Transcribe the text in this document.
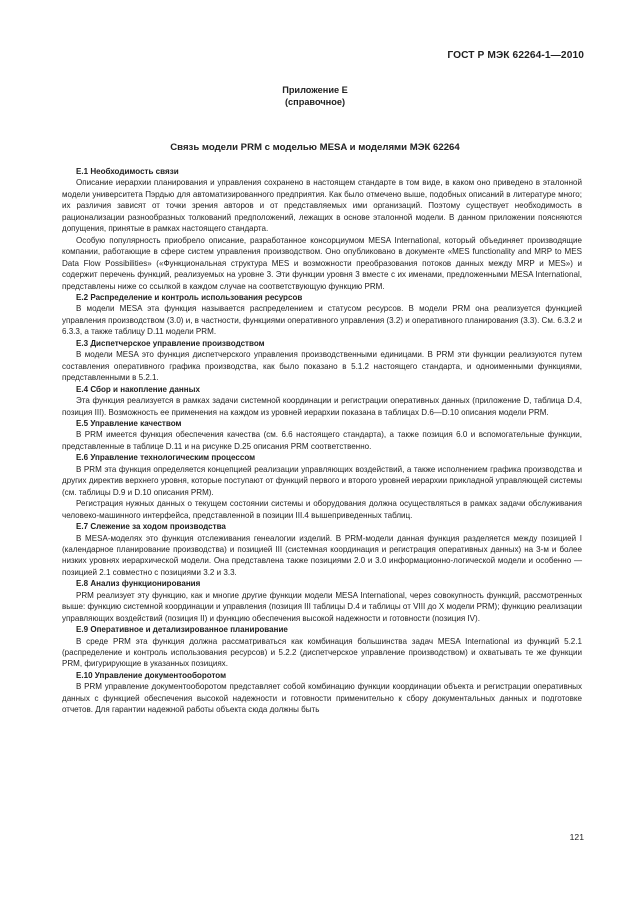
ГОСТ Р МЭК 62264-1—2010
Приложение Е
(справочное)
Связь модели PRM с моделью MESA и моделями МЭК 62264
Е.1 Необходимость связи

Описание иерархии планирования и управления сохранено в настоящем стандарте в том виде, в каком оно приведено в эталонной модели университета Пэрдью для автоматизированного предприятия. Как было отмечено выше, подобных описаний в литературе много; их различия зависят от точки зрения авторов и от представляемых ими организаций. Поэтому существует необходимость в рационализации разнообразных толкований предположений, лежащих в основе эталонной модели. В данном приложении поясняются допущения, принятые в рамках настоящего стандарта.

Особую популярность приобрело описание, разработанное консорциумом MESA International, который объединяет производящие компании, работающие в сфере систем управления производством. Оно опубликовано в документе «MES functionality and MRP to MES Data Flow Possibilities» («Функциональная структура MES и возможности преобразования потоков данных между MRP и MES») и содержит перечень функций, реализуемых на уровне 3. Эти функции уровня 3 вместе с их именами, предложенными MESA International, представлены ниже со ссылкой в каждом случае на соответствующую функцию PRM.

Е.2 Распределение и контроль использования ресурсов

В модели MESA эта функция называется распределением и статусом ресурсов. В модели PRM она реализуется функцией управления производством (3.0) и, в частности, функциями оперативного управления (3.2) и оперативного планирования (3.3). См. 6.3.2 и 6.3.3, а также таблицу D.11 модели PRM.

Е.3 Диспетчерское управление производством

В модели MESA это функция диспетчерского управления производственными единицами. В PRM эти функции реализуются путем составления оперативного графика производства, как было показано в 5.1.2 настоящего стандарта, и одноименными функциями, представленными в 5.2.1.

Е.4 Сбор и накопление данных

Эта функция реализуется в рамках задачи системной координации и регистрации оперативных данных (приложение D, таблица D.4, позиция III). Возможность ее применения на каждом из уровней иерархии показана в таблицах D.6—D.10 описания модели PRM.

Е.5 Управление качеством

В PRM имеется функция обеспечения качества (см. 6.6 настоящего стандарта), а также позиция 6.0 и вспомогательные функции, представленные в таблице D.11 и на рисунке D.25 описания PRM соответственно.

Е.6 Управление технологическим процессом

В PRM эта функция определяется концепцией реализации управляющих воздействий, а также исполнением графика производства и других директив верхнего уровня, которые поступают от функций первого и второго уровней иерархии прикладной управляющей системы (см. таблицы D.9 и D.10 описания PRM).

Регистрация нужных данных о текущем состоянии системы и оборудования должна осуществляться в рамках задачи обслуживания человеко-машинного интерфейса, представленной в позиции III.4 вышеприведенных таблиц.

Е.7 Слежение за ходом производства

В MESA-моделях это функция отслеживания генеалогии изделий. В PRM-модели данная функция разделяется между позицией I (календарное планирование производства) и позицией III (системная координация и регистрация оперативных данных) на 3-м и более низких уровнях иерархической модели. Она представлена также позициями 2.0 и 3.0 информационно-логической модели и особенно — позицией 2.1 совместно с позициями 3.2 и 3.3.

Е.8 Анализ функционирования

PRM реализует эту функцию, как и многие другие функции модели MESA International, через совокупность функций, рассмотренных выше: функцию системной координации и управления (позиция III таблицы D.4 и таблицы от VIII до X модели PRM); функцию реализации управляющих воздействий (позиция II) и функцию обеспечения высокой надежности и готовности (позиция IV).

Е.9 Оперативное и детализированное планирование

В среде PRM эта функция должна рассматриваться как комбинация большинства задач MESA International из функций 5.2.1 (распределение и контроль использования ресурсов) и 5.2.2 (диспетчерское управление производством) и охватывать те же функции PRM, фигурирующие в указанных позициях.

Е.10 Управление документооборотом

В PRM управление документооборотом представляет собой комбинацию функции координации объекта и регистрации оперативных данных с функцией обеспечения высокой надежности и готовности применительно к сбору документальных данных и подготовке отчетов. Для гарантии надежной работы объекта сюда должны быть

121
